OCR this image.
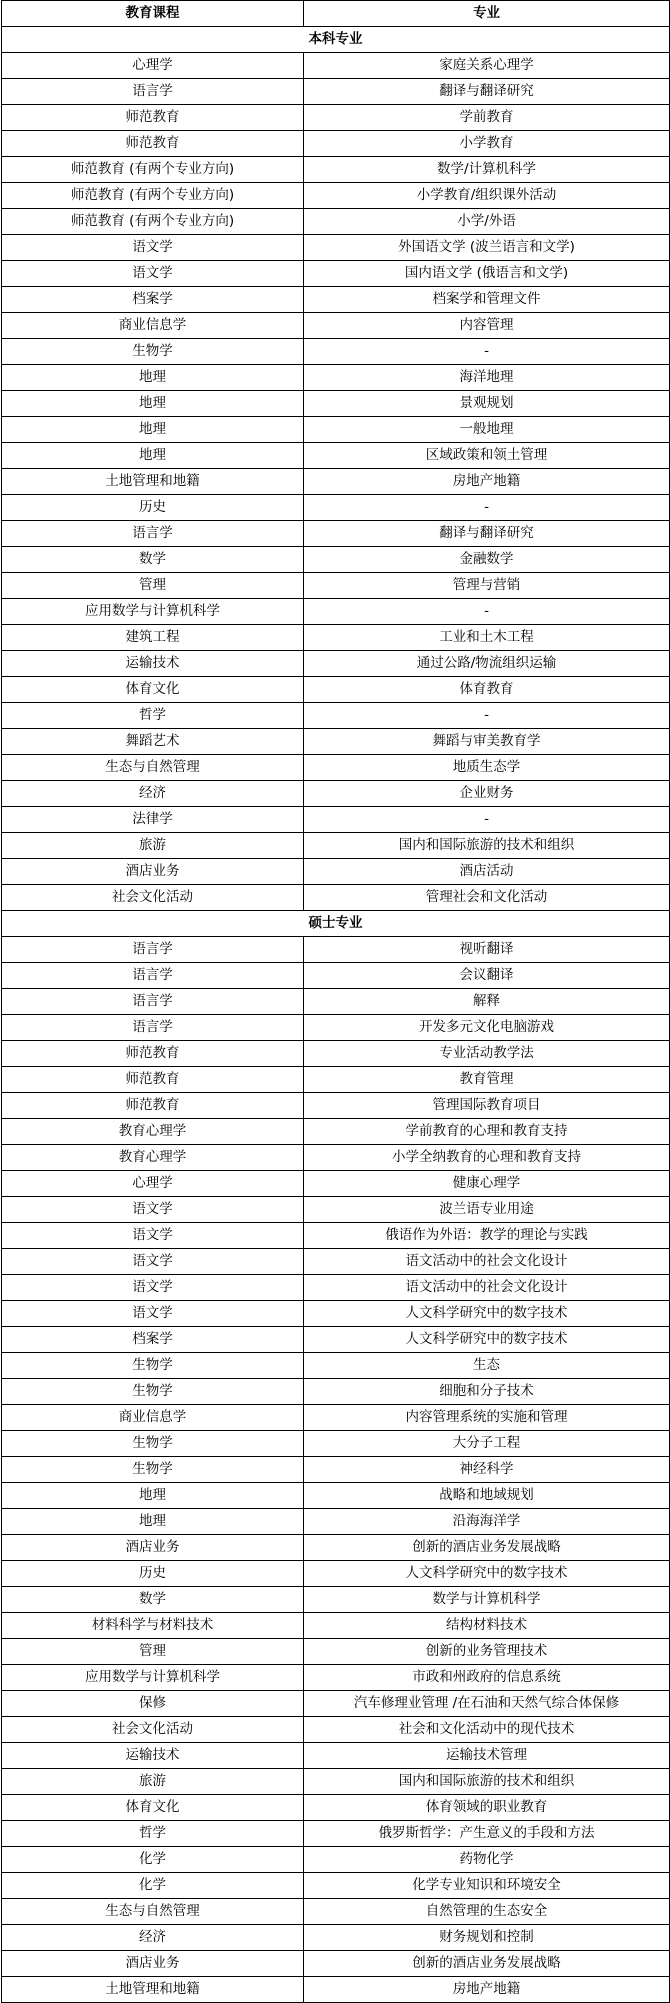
教育课程	专业
本科专业	
心理学	家庭关系心理学
语言学	翻译与翻译研究
师范教育	学前教育
师范教育	小学教育
师范教育 (有两个专业方向)	数学/计算机科学
师范教育 (有两个专业方向)	小学教育/组织课外活动
师范教育 (有两个专业方向)	小学/外语
语文学	外国语文学 (波兰语言和文学)
语文学	国内语文学 (俄语言和文学)
档案学	档案学和管理文件
商业信息学	内容管理
生物学	-
地理	海洋地理
地理	景观规划
地理	一般地理
地理	区域政策和领土管理
土地管理和地籍	房地产地籍
历史	-
语言学	翻译与翻译研究
数学	金融数学
管理	管理与营销
应用数学与计算机科学	-
建筑工程	工业和土木工程
运输技术	通过公路/物流组织运输
体育文化	体育教育
哲学	-
舞蹈艺术	舞蹈与审美教育学
生态与自然管理	地质生态学
经济	企业财务
法律学	-
旅游	国内和国际旅游的技术和组织
酒店业务	酒店活动
社会文化活动	管理社会和文化活动
硕士专业	
语言学	视听翻译
语言学	会议翻译
语言学	解释
语言学	开发多元文化电脑游戏
师范教育	专业活动教学法
师范教育	教育管理
师范教育	管理国际教育项目
教育心理学	学前教育的心理和教育支持
教育心理学	小学全纳教育的心理和教育支持
心理学	健康心理学
语文学	波兰语专业用途
语文学	俄语作为外语：教学的理论与实践
语文学	语文活动中的社会文化设计
语文学	语文活动中的社会文化设计
语文学	人文科学研究中的数字技术
档案学	人文科学研究中的数字技术
生物学	生态
生物学	细胞和分子技术
商业信息学	内容管理系统的实施和管理
生物学	大分子工程
生物学	神经科学
地理	战略和地域规划
地理	沿海海洋学
酒店业务	创新的酒店业务发展战略
历史	人文科学研究中的数字技术
数学	数学与计算机科学
材料科学与材料技术	结构材料技术
管理	创新的业务管理技术
应用数学与计算机科学	市政和州政府的信息系统
保修	汽车修理业管理 /在石油和天然气综合体保修
社会文化活动	社会和文化活动中的现代技术
运输技术	运输技术管理
旅游	国内和国际旅游的技术和组织
体育文化	体育领域的职业教育
哲学	俄罗斯哲学：产生意义的手段和方法
化学	药物化学
化学	化学专业知识和环境安全
生态与自然管理	自然管理的生态安全
经济	财务规划和控制
酒店业务	创新的酒店业务发展战略
土地管理和地籍	房地产地籍
